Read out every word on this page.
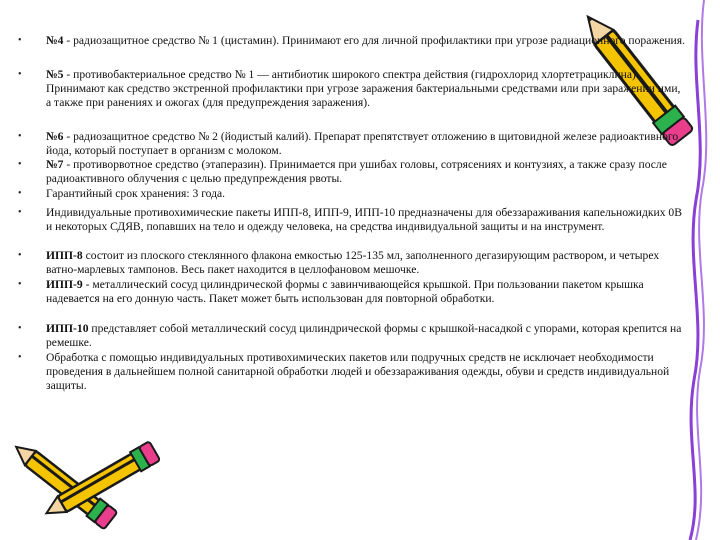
• №4 - радиозащитное средство № 1 (цистамин). Принимают его для личной профилактики при угрозе радиационного поражения.
• №5 - противобактериальное средство № 1 — антибиотик широкого спектра действия (гидрохлорид хлортетрациклина). Принимают как средство экстренной профилактики при угрозе заражения бактериальными средствами или при заражении ими, а также при ранениях и ожогах (для предупреждения заражения).
• №6 - радиозащитное средство № 2 (йодистый калий). Препарат препятствует отложению в щитовидной железе радиоактивного йода, который поступает в организм с молоком.
• №7 - противорвотное средство (этаперазин). Принимается при ушибах головы, сотрясениях и контузиях, а также сразу после радиоактивного облучения с целью предупреждения рвоты.
• Гарантийный срок хранения: 3 года.
• Индивидуальные противохимические пакеты ИПП-8, ИПП-9, ИПП-10 предназначены для обеззараживания капельножидких 0В и некоторых СДЯВ, попавших на тело и одежду человека, на средства индивидуальной защиты и на инструмент.
• ИПП-8 состоит из плоского стеклянного флакона емкостью 125-135 мл, заполненного дегазирующим раствором, и четырех ватно-марлевых тампонов. Весь пакет находится в целлофановом мешочке.
• ИПП-9 - металлический сосуд цилиндрической формы с завинчивающейся крышкой. При пользовании пакетом крышка надевается на его донную часть. Пакет может быть использован для повторной обработки.
• ИПП-10 представляет собой металлический сосуд цилиндрической формы с крышкой-насадкой с упорами, которая крепится на ремешке.
• Обработка с помощью индивидуальных противохимических пакетов или подручных средств не исключает необходимости проведения в дальнейшем полной санитарной обработки людей и обеззараживания одежды, обуви и средств индивидуальной защиты.
